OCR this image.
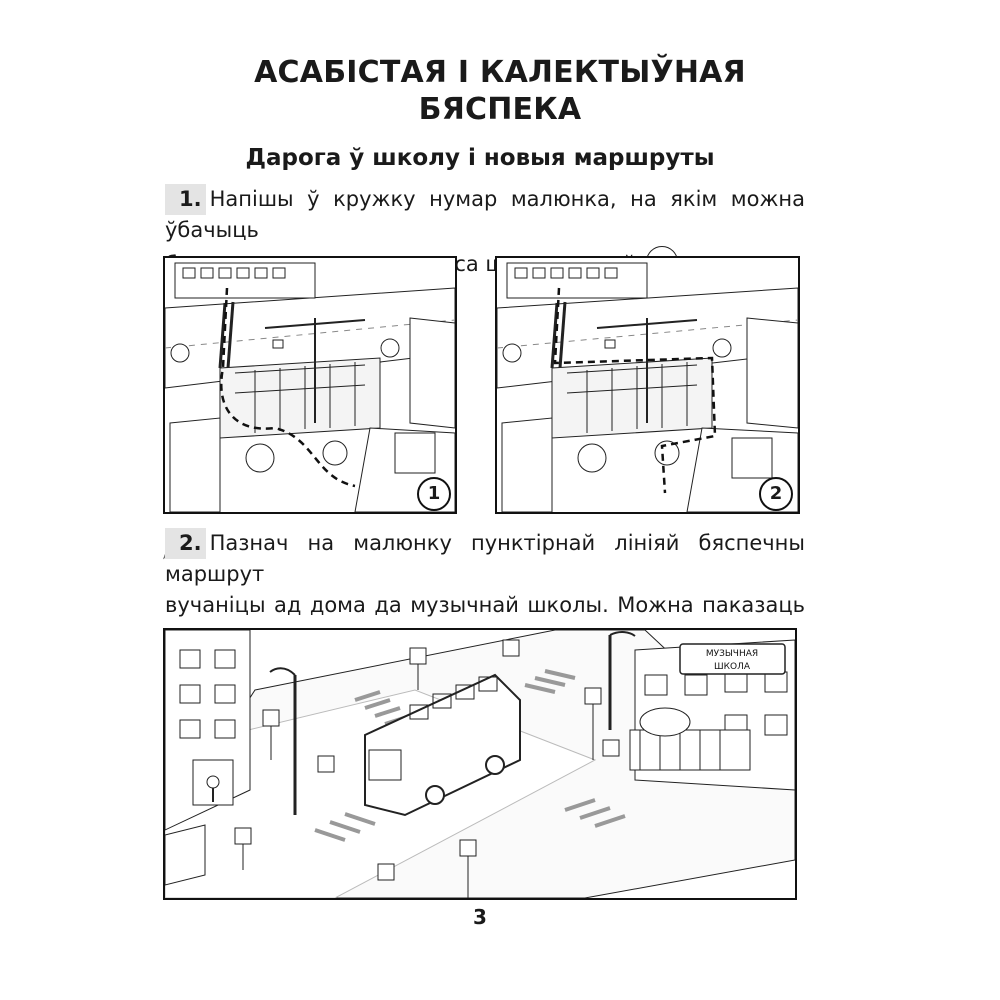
АСАБІСТАЯ І КАЛЕКТЫЎНАЯ
БЯСПЕКА
Дарога ў школу і новыя маршруты
1. Напішы ў кружку нумар малюнка, на якім можна ўбачыць
са
1	2
2. Пазнач на малюнку пунктірнай лініяй бяспечны маршрут
вучаніцы ад дома да музычнай школы. Можна паказаць
МУЗЫЧНАЯ
ШКОЛА
3
